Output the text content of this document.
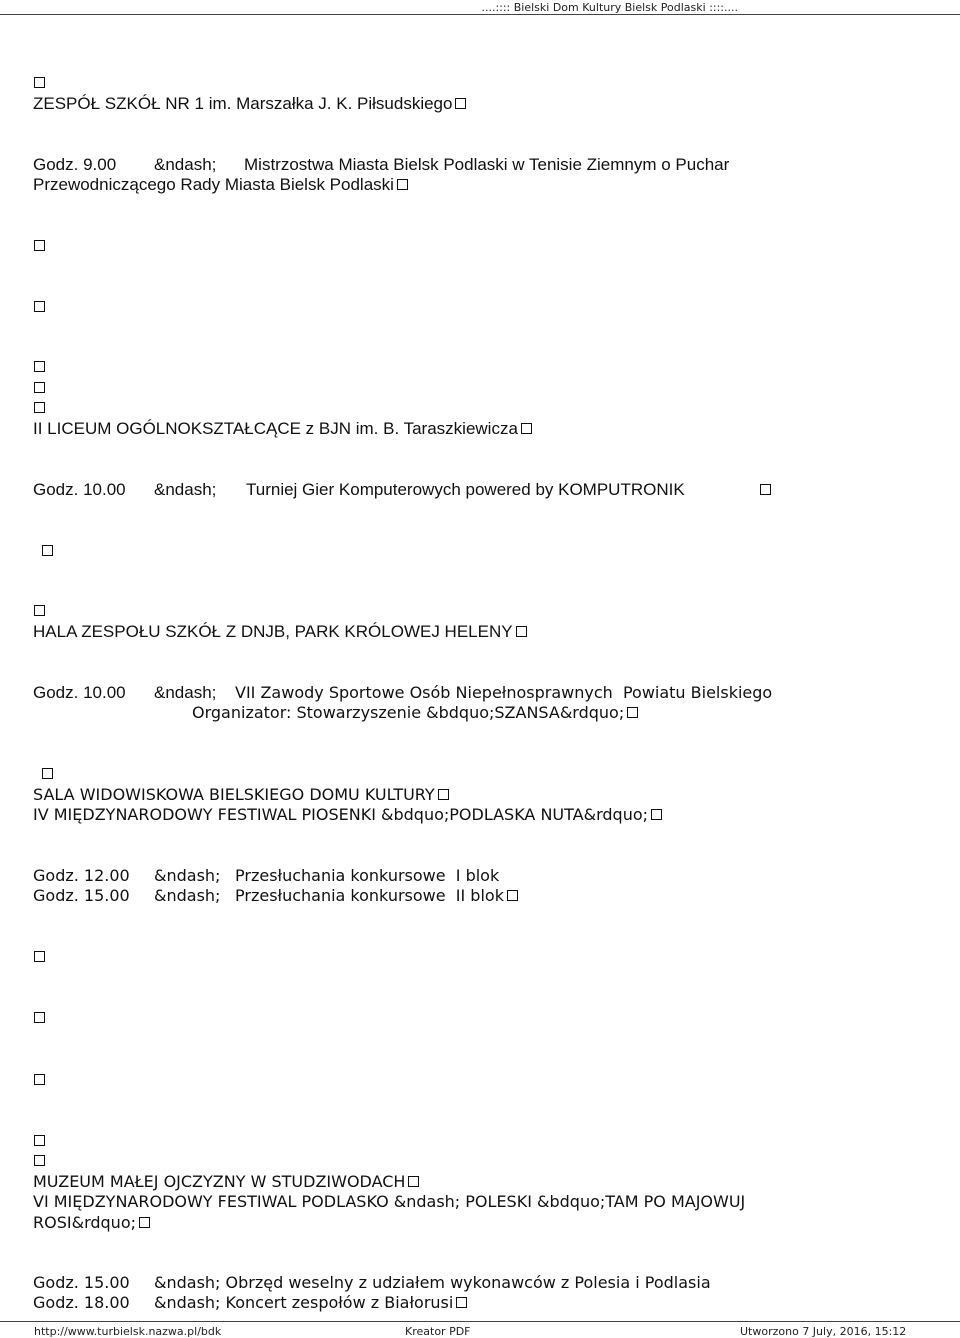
....:::: Bielski Dom Kultury Bielsk Podlaski ::::....
ZESPÓŁ SZKÓŁ NR 1 im. Marszałka J. K. Piłsudskiego
Godz. 9.00 &ndash; Mistrzostwa Miasta Bielsk Podlaski w Tenisie Ziemnym o Puchar
Przewodniczącego Rady Miasta Bielsk Podlaski
II LICEUM OGÓLNOKSZTAŁCĄCE z BJN im. B. Taraszkiewicza
Godz. 10.00 &ndash; Turniej Gier Komputerowych powered by KOMPUTRONIK
HALA ZESPOŁU SZKÓŁ Z DNJB, PARK KRÓLOWEJ HELENY
Godz. 10.00 &ndash; VII Zawody Sportowe Osób Niepełnosprawnych  Powiatu Bielskiego
Organizator: Stowarzyszenie &bdquo;SZANSA&rdquo;
SALA WIDOWISKOWA BIELSKIEGO DOMU KULTURY
IV MIĘDZYNARODOWY FESTIWAL PIOSENKI &bdquo;PODLASKA NUTA&rdquo;
Godz. 12.00 &ndash; Przesłuchania konkursowe  I blok
Godz. 15.00 &ndash; Przesłuchania konkursowe  II blok
MUZEUM MAŁEJ OJCZYZNY W STUDZIWODACH
VI MIĘDZYNARODOWY FESTIWAL PODLASKO &ndash; POLESKI &bdquo;TAM PO MAJOWUJ
ROSI&rdquo;
Godz. 15.00 &ndash; Obrzęd weselny z udziałem wykonawców z Polesia i Podlasia
Godz. 18.00 &ndash; Koncert zespołów z Białorusi
http://www.turbielsk.nazwa.pl/bdk	Kreator PDF	Utworzono 7 July, 2016, 15:12
